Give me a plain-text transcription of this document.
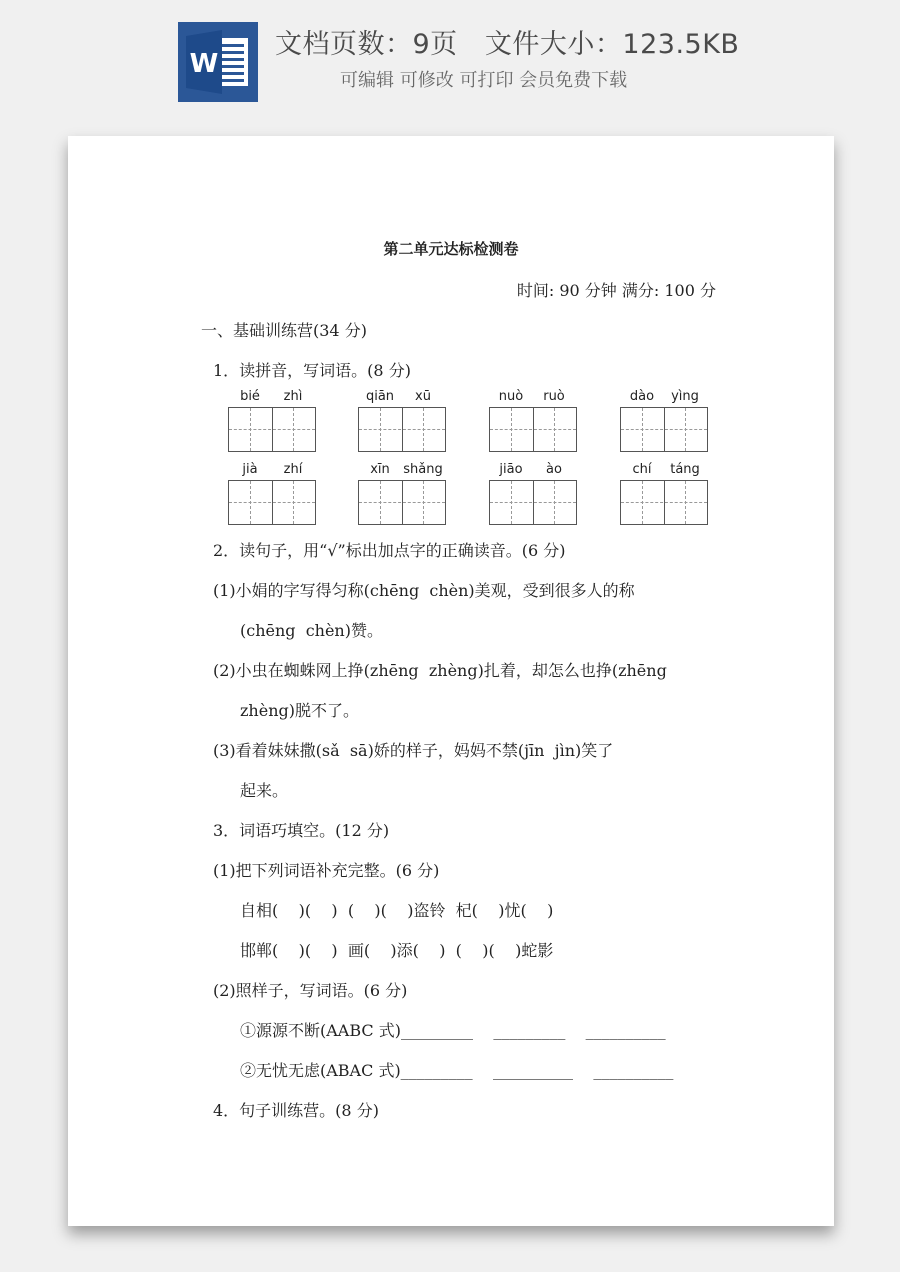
W
文档页数：9页   文件大小：123.5KB
可编辑 可修改 可打印 会员免费下载
第二单元达标检测卷
时间: 90 分钟 满分: 100 分
一、基础训练营(34 分)
1．读拼音，写词语。(8 分)
bié	zhì	qiān	xū	nuò	ruò	dào	yìng
jià	zhí	xīn	shǎng	jiāo	ào	chí	táng
2．读句子，用“√”标出加点字的正确读音。(6 分)
(1)小娟的字写得匀称(chēng  chèn)美观，受到很多人的称
(chēng  chèn)赞。
(2)小虫在蜘蛛网上挣(zhēng  zhèng)扎着，却怎么也挣(zhēng
zhèng)脱不了。
(3)看着妹妹撒(sǎ  sā)娇的样子，妈妈不禁(jīn  jìn)笑了
起来。
3．词语巧填空。(12 分)
(1)把下列词语补充完整。(6 分)
自相(    )(    )  (    )(    )盗铃  杞(    )忧(    )
邯郸(    )(    )  画(    )添(    )  (    )(    )蛇影
(2)照样子，写词语。(6 分)
①源源不断(AABC 式)_________    _________    __________
②无忧无虑(ABAC 式)_________    __________    __________
4．句子训练营。(8 分)
